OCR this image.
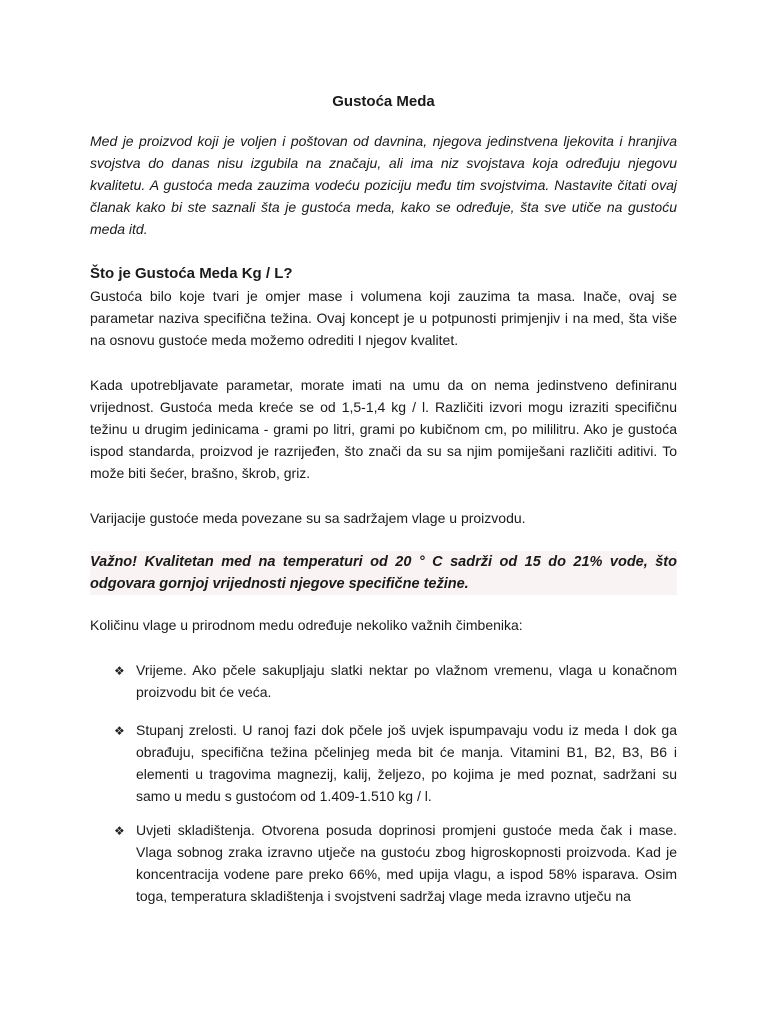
Gustoća Meda

Med je proizvod koji je voljen i poštovan od davnina, njegova jedinstvena ljekovita i hranjiva svojstva do danas nisu izgubila na značaju, ali ima niz svojstava koja određuju njegovu kvalitetu. A gustoća meda zauzima vodeću poziciju među tim svojstvima. Nastavite čitati ovaj članak kako bi ste saznali šta je gustoća meda, kako se određuje, šta sve utiče na gustoću meda itd.

Što je Gustoća Meda Kg / L?

Gustoća bilo koje tvari je omjer mase i volumena koji zauzima ta masa. Inače, ovaj se parametar naziva specifična težina. Ovaj koncept je u potpunosti primjenjiv i na med, šta više na osnovu gustoće meda možemo odrediti I njegov kvalitet.

Kada upotrebljavate parametar, morate imati na umu da on nema jedinstveno definiranu vrijednost. Gustoća meda kreće se od 1,5-1,4 kg / l. Različiti izvori mogu izraziti specifičnu težinu u drugim jedinicama - grami po litri, grami po kubičnom cm, po mililitru. Ako je gustoća ispod standarda, proizvod je razrijeđen, što znači da su sa njim pomiješani različiti aditivi. To može biti šećer, brašno, škrob, griz.

Varijacije gustoće meda povezane su sa sadržajem vlage u proizvodu.

Važno! Kvalitetan med na temperaturi od 20 ° C sadrži od 15 do 21% vode, što odgovara gornjoj vrijednosti njegove specifične težine.

Količinu vlage u prirodnom medu određuje nekoliko važnih čimbenika:

❖ Vrijeme. Ako pčele sakupljaju slatki nektar po vlažnom vremenu, vlaga u konačnom proizvodu bit će veća.
❖ Stupanj zrelosti. U ranoj fazi dok pčele još uvjek ispumpavaju vodu iz meda I dok ga obrađuju, specifična težina pčelinjeg meda bit će manja. Vitamini B1, B2, B3, B6 i elementi u tragovima magnezij, kalij, željezo, po kojima je med poznat, sadržani su samo u medu s gustoćom od 1.409-1.510 kg / l.
❖ Uvjeti skladištenja. Otvorena posuda doprinosi promjeni gustoće meda čak i mase. Vlaga sobnog zraka izravno utječe na gustoću zbog higroskopnosti proizvoda. Kad je koncentracija vodene pare preko 66%, med upija vlagu, a ispod 58% isparava. Osim toga, temperatura skladištenja i svojstveni sadržaj vlage meda izravno utječu na
